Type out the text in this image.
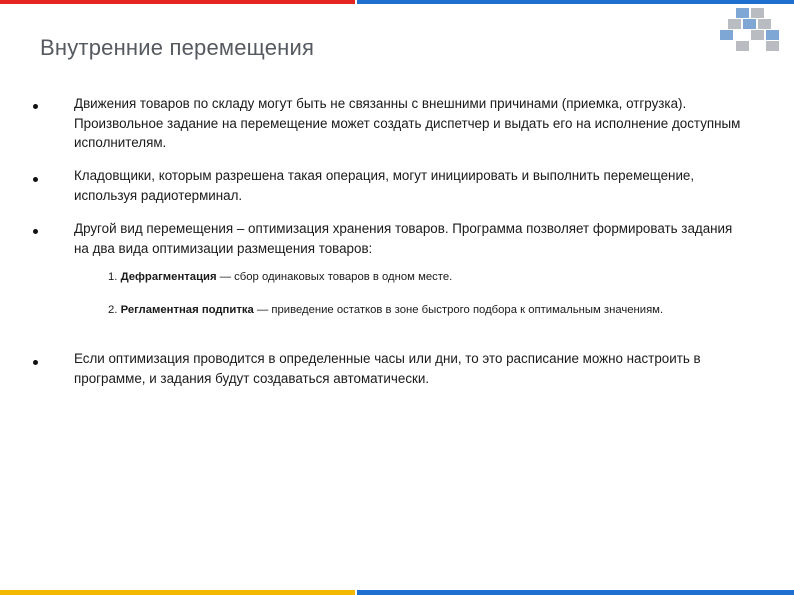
Внутренние перемещения
Движения товаров по складу могут быть не связанны с внешними причинами (приемка, отгрузка). Произвольное задание на перемещение может создать диспетчер и выдать его на исполнение доступным исполнителям.
Кладовщики, которым разрешена такая операция, могут инициировать и выполнить перемещение, используя радиотерминал.
Другой вид перемещения – оптимизация хранения товаров. Программа позволяет формировать задания на два вида оптимизации размещения товаров:
1. Дефрагментация — сбор одинаковых товаров в одном месте.
2. Регламентная подпитка — приведение остатков в зоне быстрого подбора к оптимальным значениям.
Если оптимизация проводится в определенные часы или дни, то это расписание можно настроить в программе, и задания будут создаваться автоматически.
